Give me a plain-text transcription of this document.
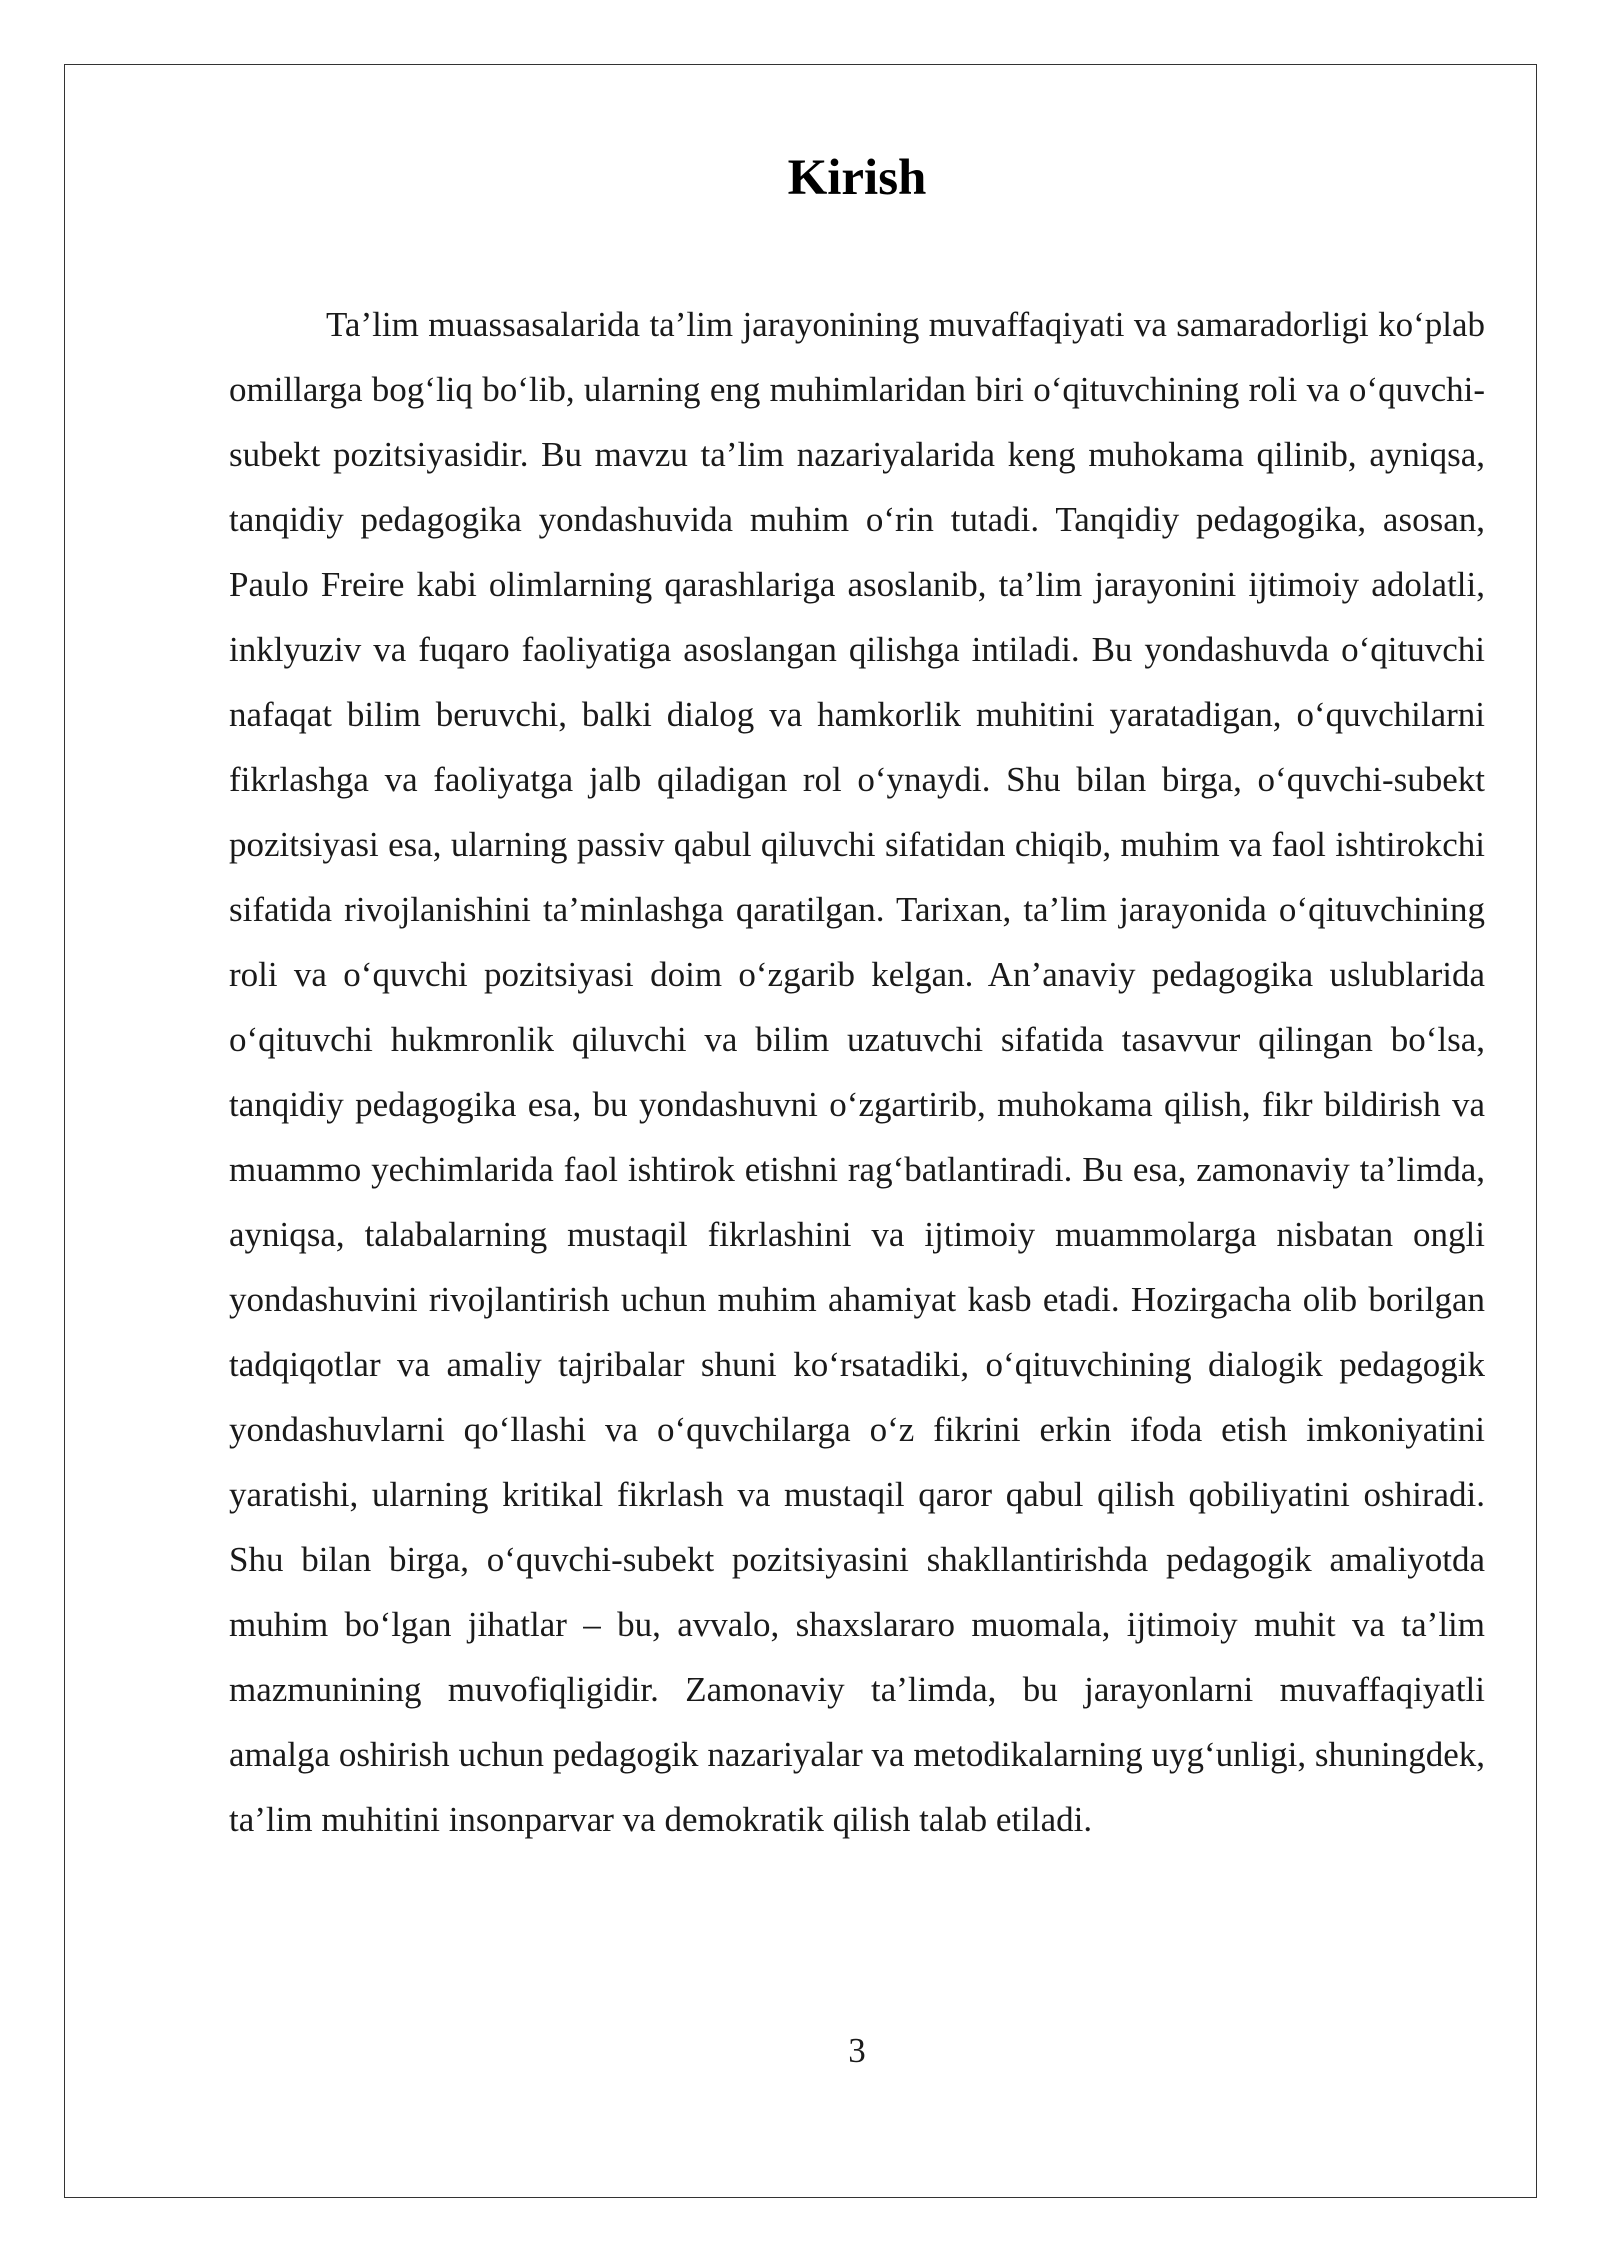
Kirish

Ta’lim muassasalarida ta’lim jarayonining muvaffaqiyati va samaradorligi ko‘plab omillarga bog‘liq bo‘lib, ularning eng muhimlaridan biri o‘qituvchining roli va o‘quvchi-subekt pozitsiyasidir. Bu mavzu ta’lim nazariyalarida keng muhokama qilinib, ayniqsa, tanqidiy pedagogika yondashuvida muhim o‘rin tutadi. Tanqidiy pedagogika, asosan, Paulo Freire kabi olimlarning qarashlariga asoslanib, ta’lim jarayonini ijtimoiy adolatli, inklyuziv va fuqaro faoliyatiga asoslangan qilishga intiladi. Bu yondashuvda o‘qituvchi nafaqat bilim beruvchi, balki dialog va hamkorlik muhitini yaratadigan, o‘quvchilarni fikrlashga va faoliyatga jalb qiladigan rol o‘ynaydi. Shu bilan birga, o‘quvchi-subekt pozitsiyasi esa, ularning passiv qabul qiluvchi sifatidan chiqib, muhim va faol ishtirokchi sifatida rivojlanishini ta’minlashga qaratilgan. Tarixan, ta’lim jarayonida o‘qituvchining roli va o‘quvchi pozitsiyasi doim o‘zgarib kelgan. An’anaviy pedagogika uslublarida o‘qituvchi hukmronlik qiluvchi va bilim uzatuvchi sifatida tasavvur qilingan bo‘lsa, tanqidiy pedagogika esa, bu yondashuvni o‘zgartirib, muhokama qilish, fikr bildirish va muammo yechimlarida faol ishtirok etishni rag‘batlantiradi. Bu esa, zamonaviy ta’limda, ayniqsa, talabalarning mustaqil fikrlashini va ijtimoiy muammolarga nisbatan ongli yondashuvini rivojlantirish uchun muhim ahamiyat kasb etadi. Hozirgacha olib borilgan tadqiqotlar va amaliy tajribalar shuni ko‘rsatadiki, o‘qituvchining dialogik pedagogik yondashuvlarni qo‘llashi va o‘quvchilarga o‘z fikrini erkin ifoda etish imkoniyatini yaratishi, ularning kritikal fikrlash va mustaqil qaror qabul qilish qobiliyatini oshiradi. Shu bilan birga, o‘quvchi-subekt pozitsiyasini shakllantirishda pedagogik amaliyotda muhim bo‘lgan jihatlar – bu, avvalo, shaxslararo muomala, ijtimoiy muhit va ta’lim mazmunining muvofiqligidir. Zamonaviy ta’limda, bu jarayonlarni muvaffaqiyatli amalga oshirish uchun pedagogik nazariyalar va metodikalarning uyg‘unligi, shuningdek, ta’lim muhitini insonparvar va demokratik qilish talab etiladi.

3
